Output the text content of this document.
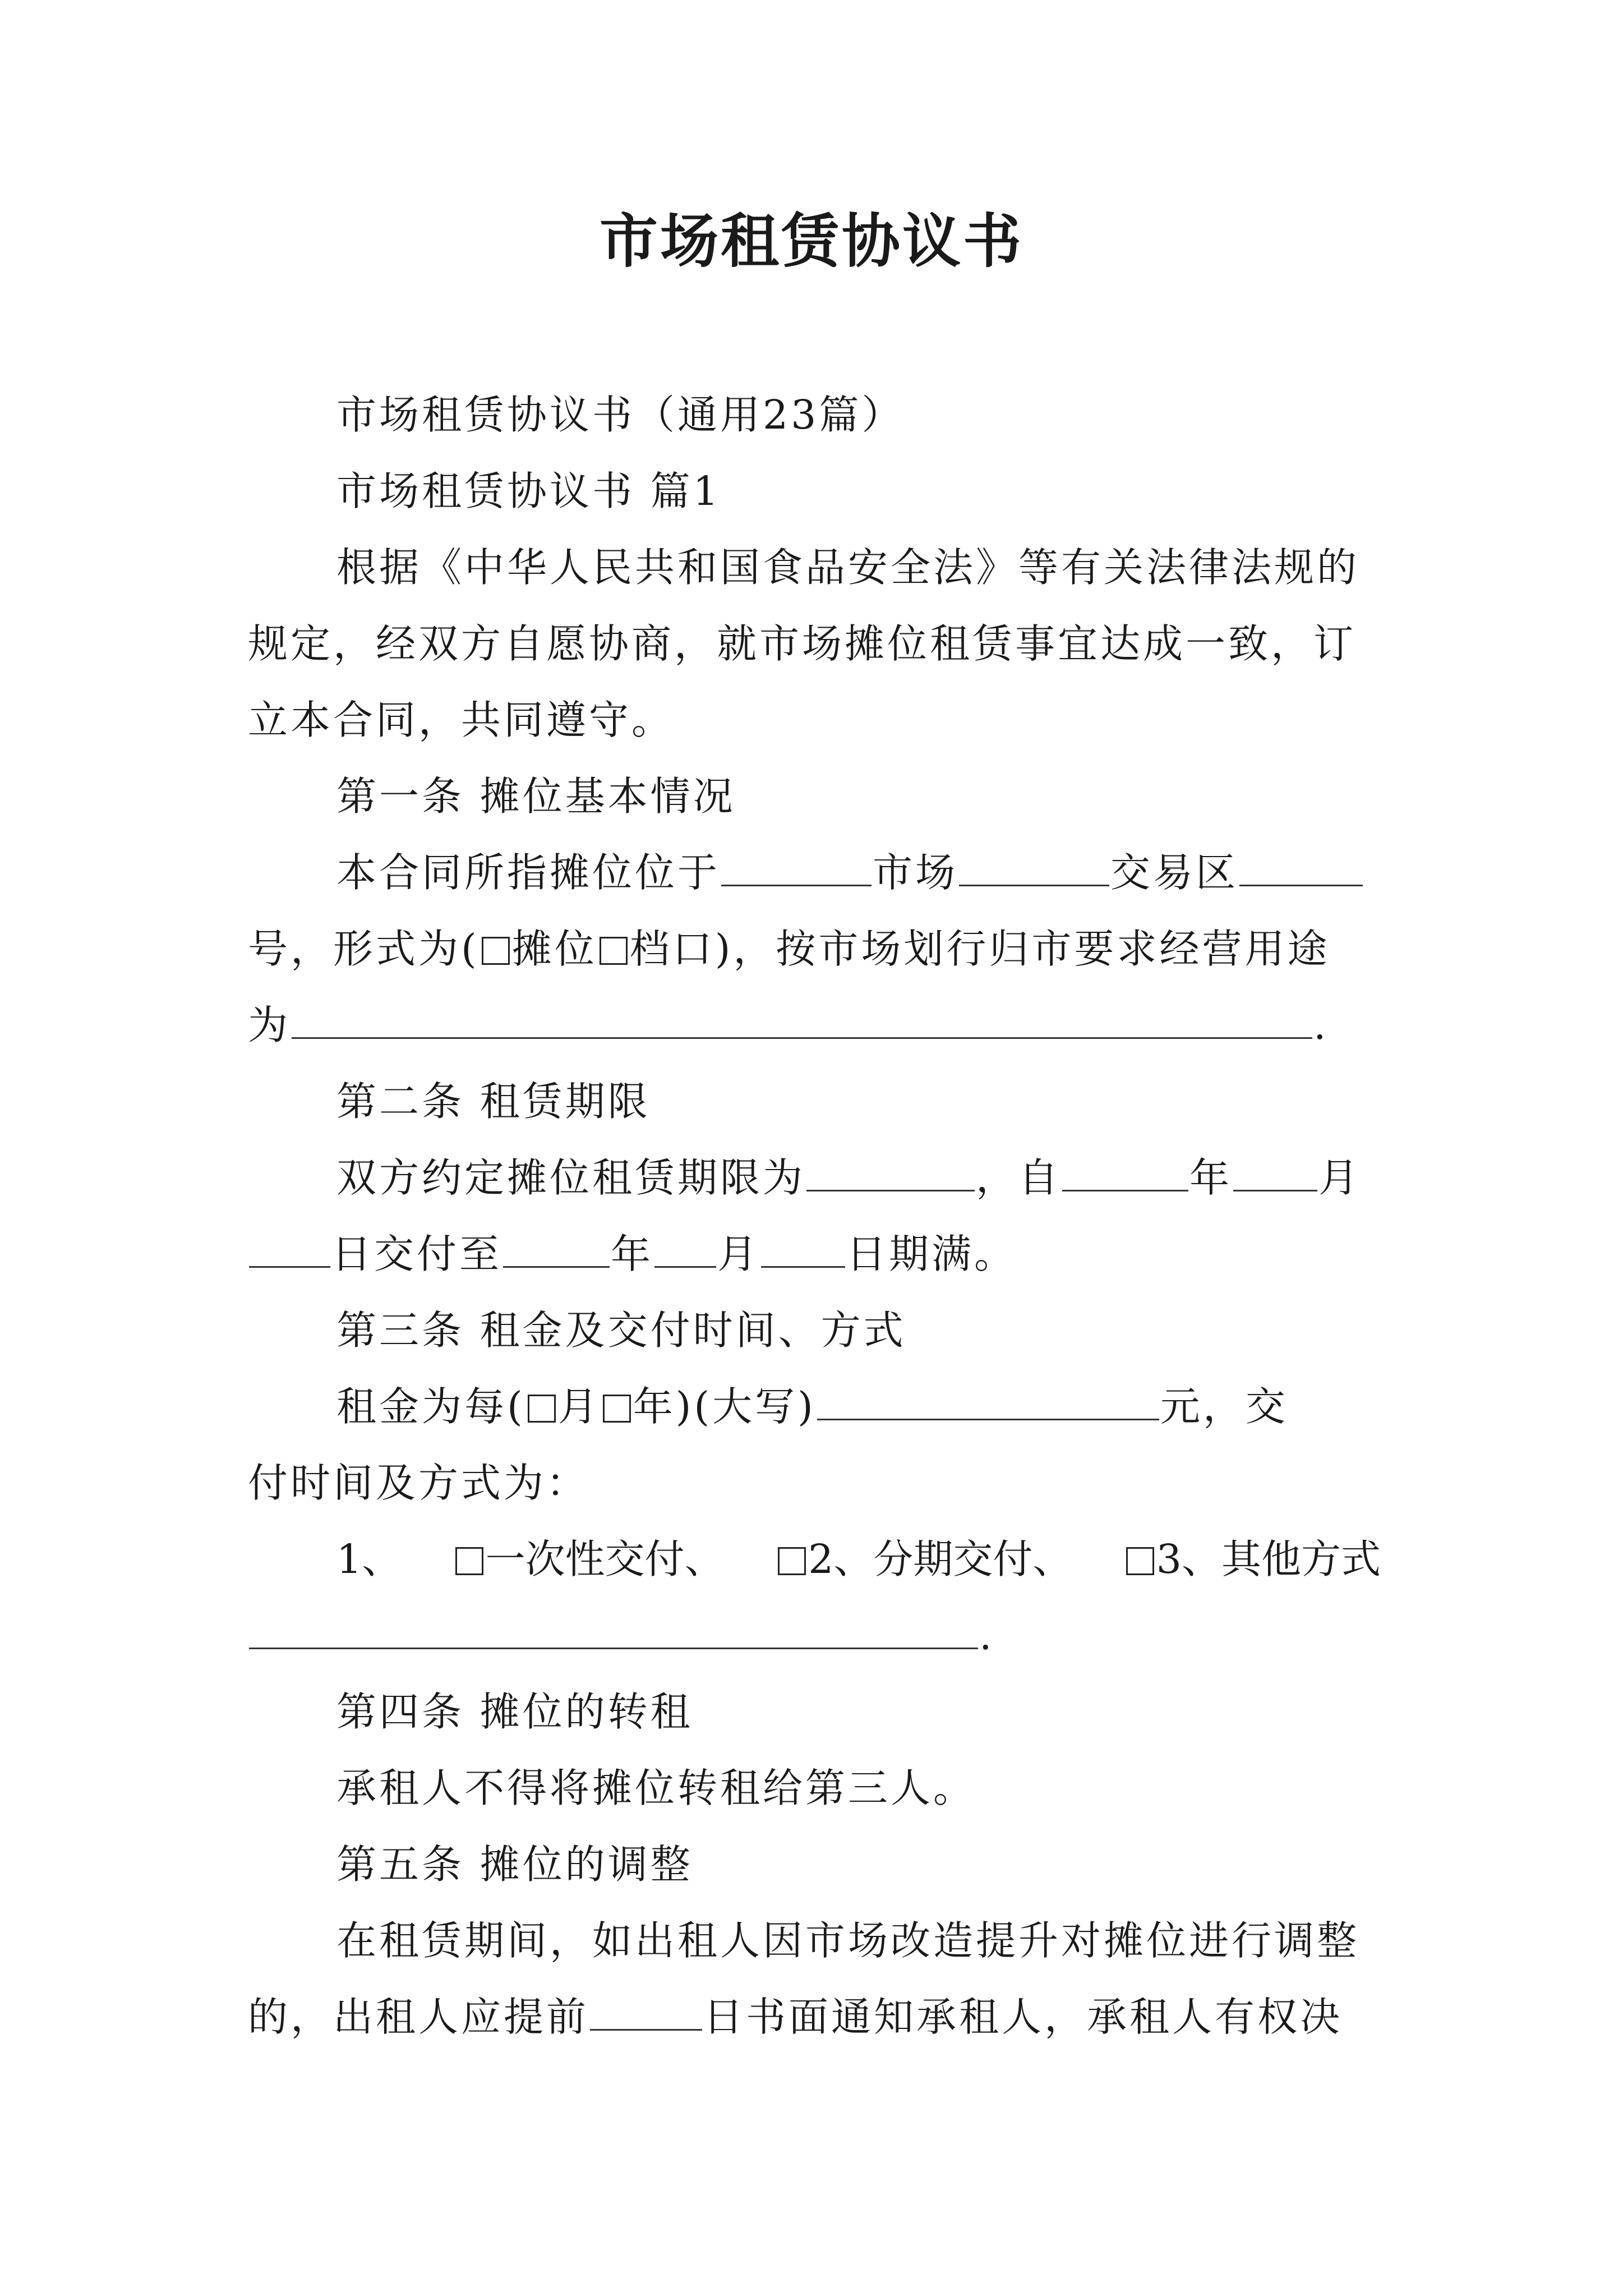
市场租赁协议书
市场租赁协议书（通用23篇）
市场租赁协议书 篇1
根据《中华人民共和国食品安全法》等有关法律法规的
规定，经双方自愿协商，就市场摊位租赁事宜达成一致，订
立本合同，共同遵守。
第一条 摊位基本情况
本合同所指摊位位于	市场	交易区
号，形式为( 摊位 档口)，按市场划行归市要求经营用途
为	.
第二条 租赁期限
双方约定摊位租赁期限为	，自	年 月
日交付至	年 月 日期满。
第三条 租金及交付时间、方式
租金为每( 月 年)(大写)	元，交
付时间及方式为：
1、	一次性交付、	2、分期交付、	3、其他方式
.
第四条 摊位的转租
承租人不得将摊位转租给第三人。
第五条 摊位的调整
在租赁期间，如出租人因市场改造提升对摊位进行调整
的，出租人应提前	日书面通知承租人，承租人有权决
